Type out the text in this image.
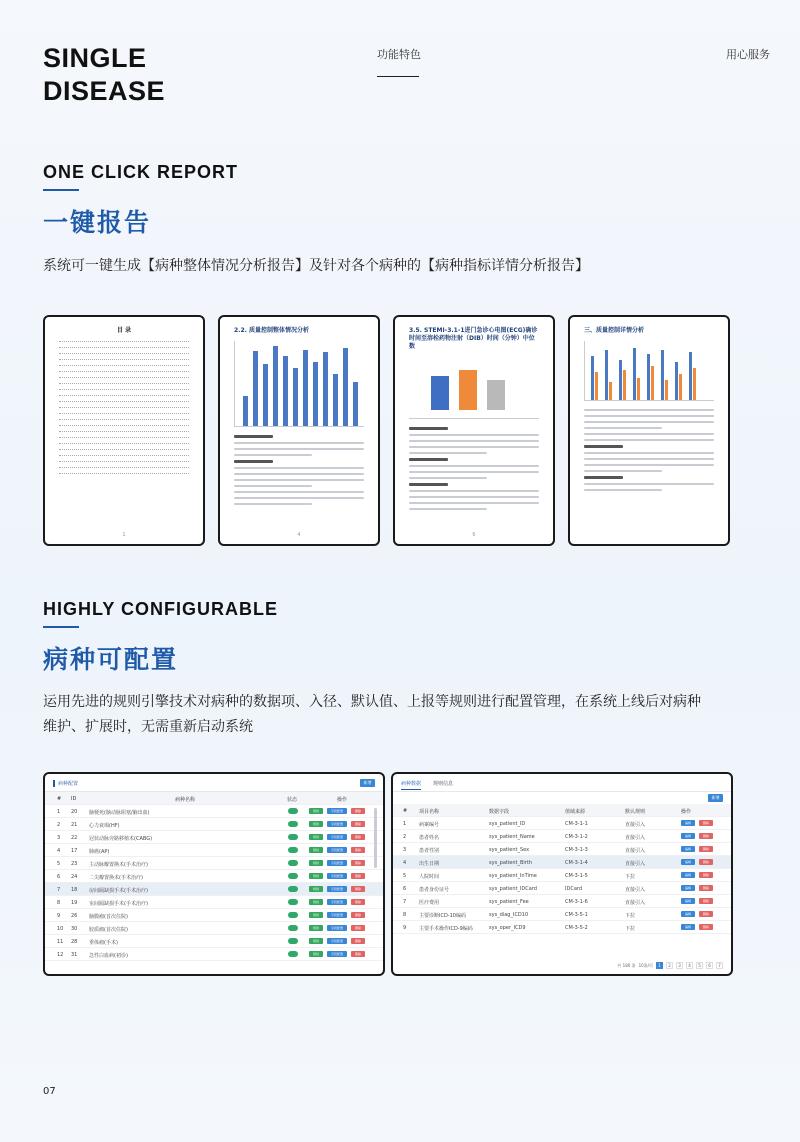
SINGLE
DISEASE
功能特色	用心服务
ONE CLICK REPORT
一键报告
系统可一键生成【病种整体情况分析报告】及针对各个病种的【病种指标详情分析报告】
目 录
1
2.2. 质量控制整体情况分析
4
3.5. STEMI-3.1-1进门急诊心电图(ECG)确诊时间至溶栓药物注射（DIB）时间（分钟）中位数
6
三、质量控制详情分析
HIGHLY CONFIGURABLE
病种可配置
运用先进的规则引擎技术对病种的数据项、入径、默认值、上报等规则进行配置管理，在系统上线后对病种
维护、扩展时，无需重新启动系统
病种配置	新增
# ID	病种名称	状态	操作
1 20 脑梗死(脑动脉阻塞/脑出血)	规则	字段配置	删除
2 21 心力衰竭(HF)	规则	字段配置	删除
3 22 冠状动脉旁路移植术(CABG)	规则	字段配置	删除
4 17 肺癌(AP)	规则	字段配置	删除
5 23 主动脉瓣置换术(手术治疗)	规则	字段配置	删除
6 24 二尖瓣置换术(手术治疗)	规则	字段配置	删除
7 18 房间隔缺损手术(手术治疗)	规则	字段配置	删除
8 19 室间隔缺损手术(手术治疗)	规则	字段配置	删除
9 26 脑膜瘤(首次住院)	规则	字段配置	删除
10 30 胶质瘤(首次住院)	规则	字段配置	删除
11 28 垂体瘤(手术)	规则	字段配置	删除
12 31 急性白血病(初诊)	规则	字段配置	删除
病种数据 规则信息
新增
# 项目名称	数据字段	值域来源	默认规则	操作
1	病案编号	sys_patient_ID	CM-3-1-1	直接引入	编辑	删除
2	患者姓名	sys_patient_Name	CM-3-1-2	直接引入	编辑	删除
3	患者性别	sys_patient_Sex	CM-3-1-3	直接引入	编辑	删除
4	出生日期	sys_patient_Birth	CM-3-1-4	直接引入	编辑	删除
5	人院时间	sys_patient_InTime	CM-3-1-5	下拉	编辑	删除
6	患者身份证号	sys_patient_IDCard	IDCard	直接引入	编辑	删除
7	医疗费用	sys_patient_Fee	CM-3-1-6	直接引入	编辑	删除
8	主要诊断ICD-10编码	sys_diag_ICD10	CM-3-5-1	下拉	编辑	删除
9	主要手术操作ICD-9编码	sys_oper_ICD9	CM-3-5-2	下拉	编辑	删除
共 180 条 10条/页	1	2	3	4	5	6	7
07
